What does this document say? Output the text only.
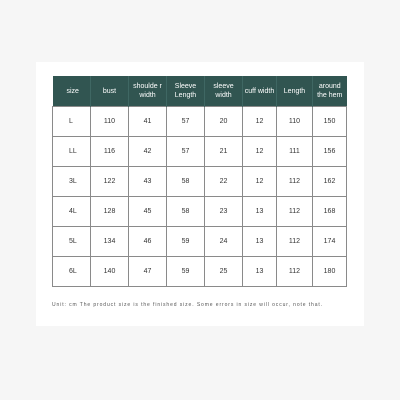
size	bust	shoulde r width	Sleeve Length	sleeve width	cuff width	Length	around the hem
L	110	41	57	20	12	110	150
LL	116	42	57	21	12	111	156
3L	122	43	58	22	12	112	162
4L	128	45	58	23	13	112	168
5L	134	46	59	24	13	112	174
6L	140	47	59	25	13	112	180
Unit: cm The product size is the finished size. Some errors in size will occur, note that.
